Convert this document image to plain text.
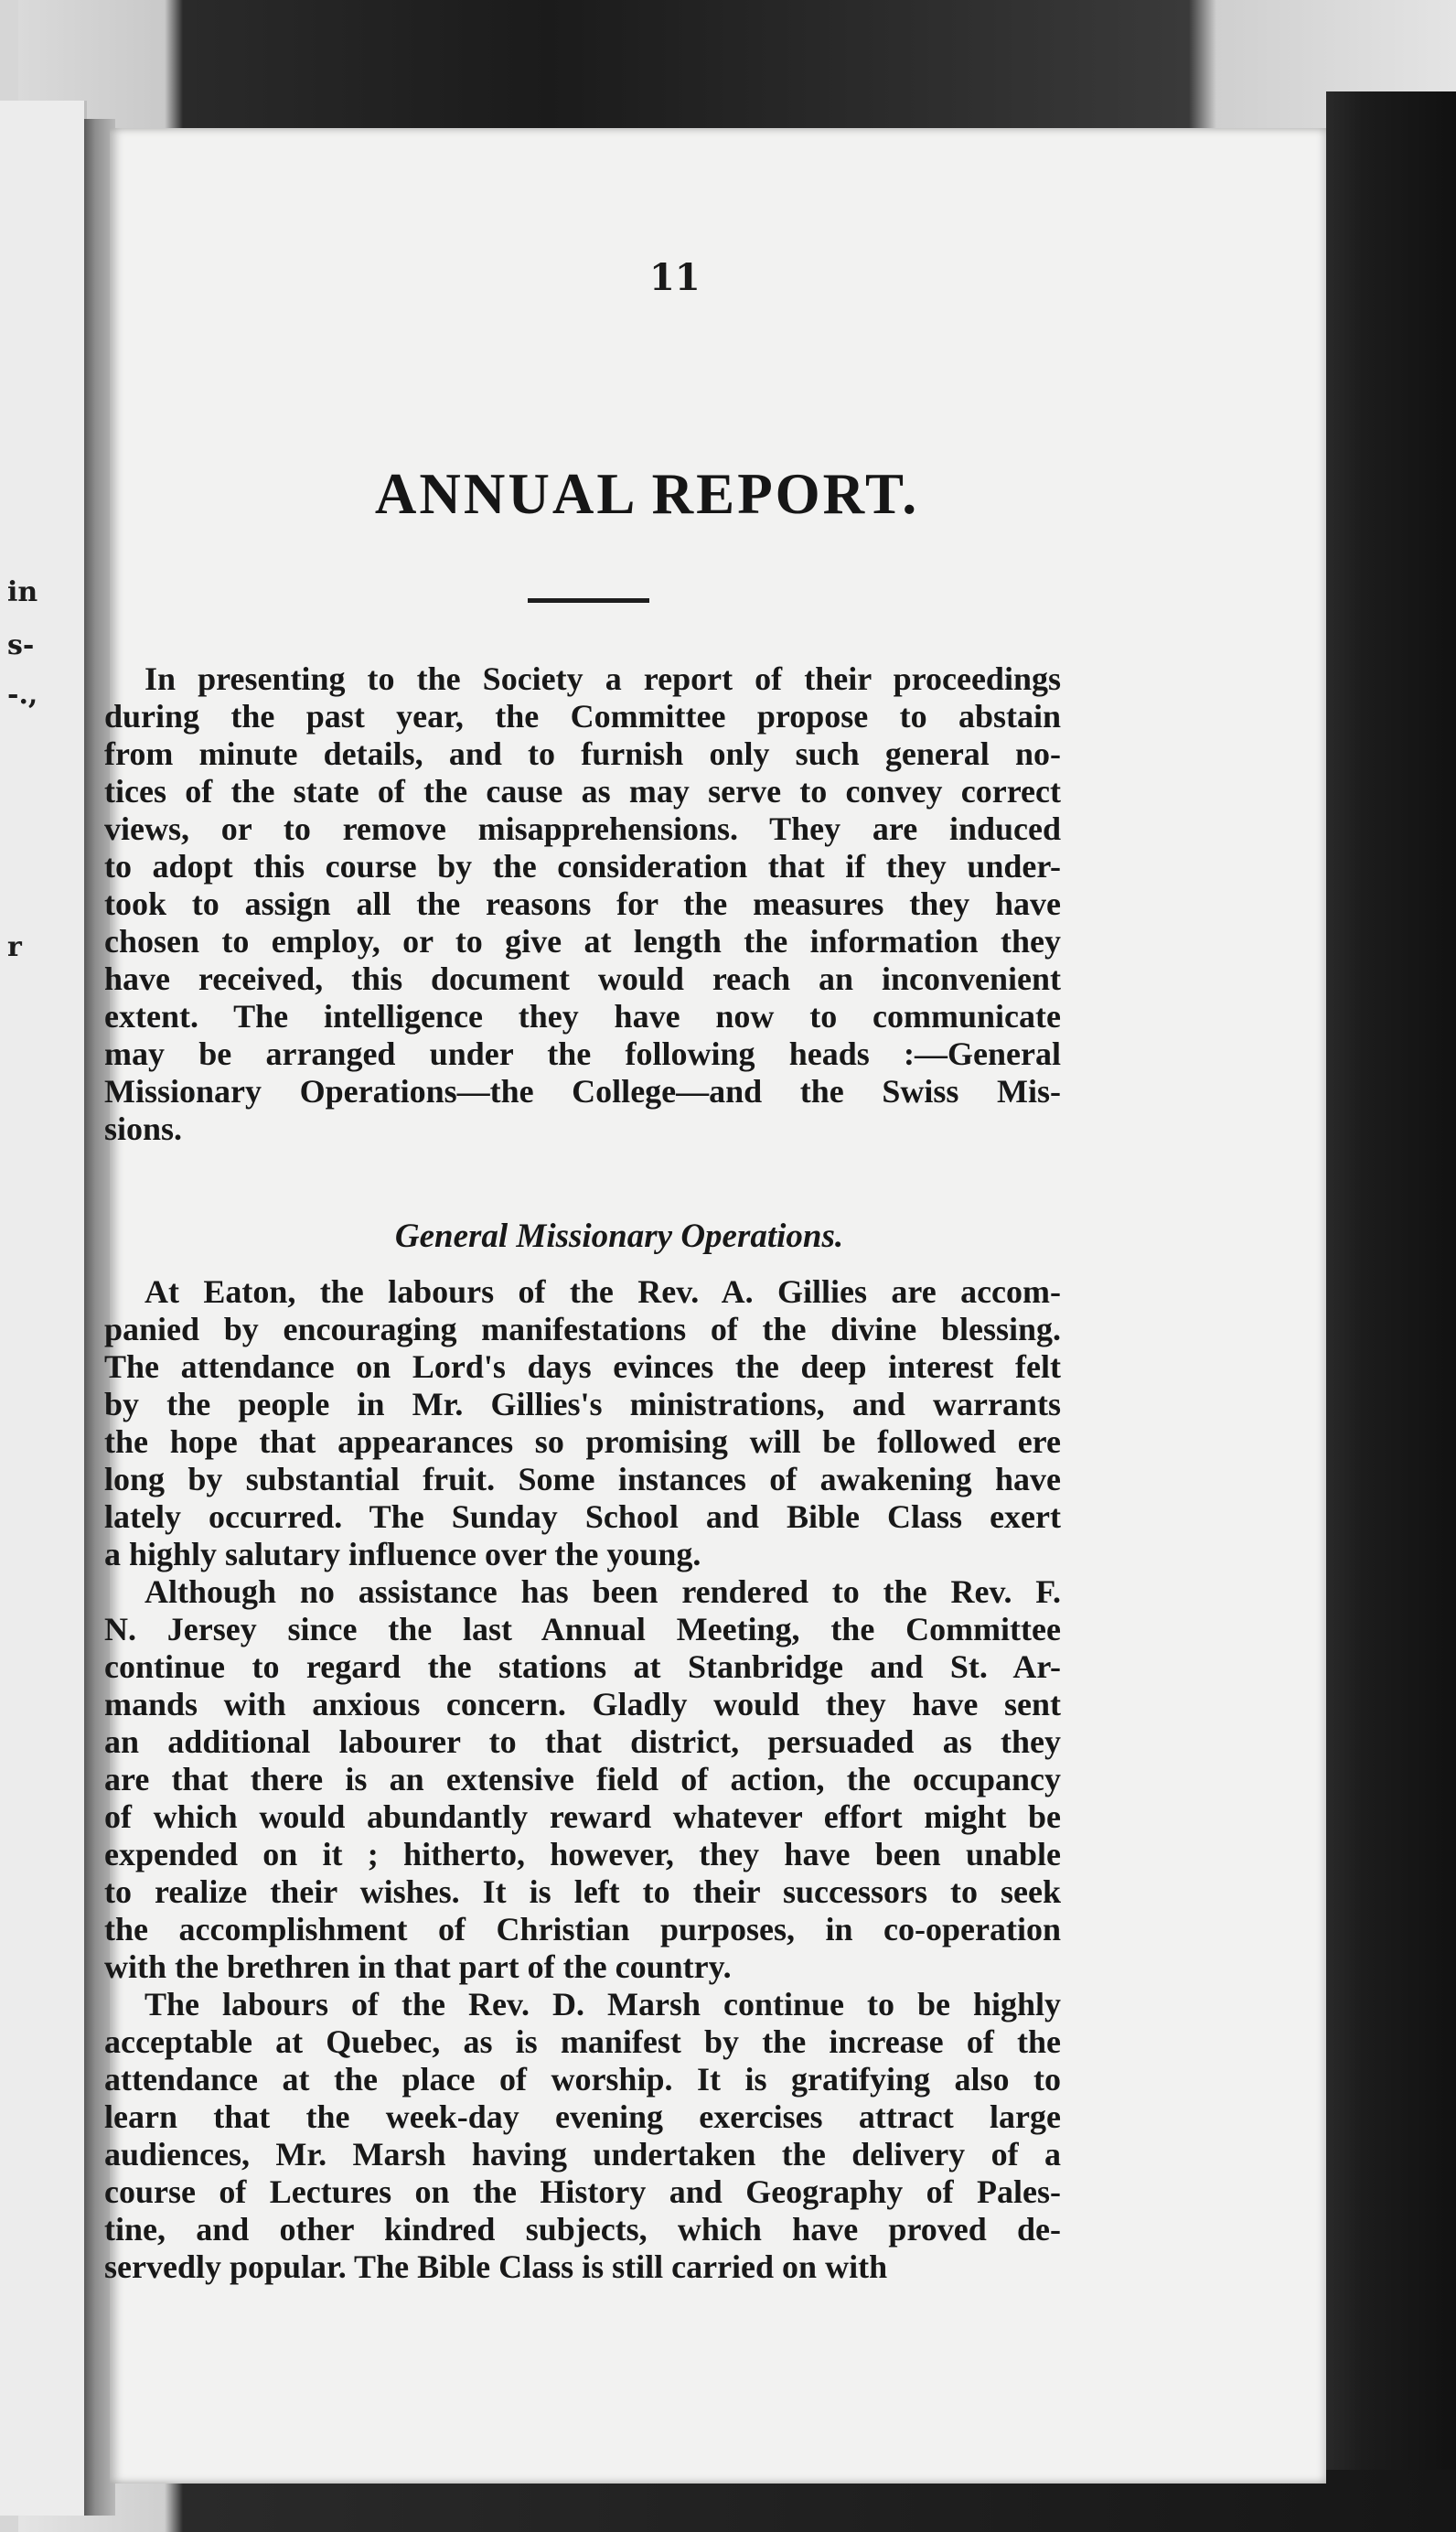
in
s-
-.,
r
11
ANNUAL REPORT.
In presenting to the Society a report of their proceedings
during the past year, the Committee propose to abstain
from minute details, and to furnish only such general no-
tices of the state of the cause as may serve to convey correct
views, or to remove misapprehensions. They are induced
to adopt this course by the consideration that if they under-
took to assign all the reasons for the measures they have
chosen to employ, or to give at length the information they
have received, this document would reach an inconvenient
extent. The intelligence they have now to communicate
may be arranged under the following heads :—General
Missionary Operations—the College—and the Swiss Mis-
sions.
General Missionary Operations.
At Eaton, the labours of the Rev. A. Gillies are accom-
panied by encouraging manifestations of the divine blessing.
The attendance on Lord's days evinces the deep interest felt
by the people in Mr. Gillies's ministrations, and warrants
the hope that appearances so promising will be followed ere
long by substantial fruit. Some instances of awakening have
lately occurred. The Sunday School and Bible Class exert
a highly salutary influence over the young.
Although no assistance has been rendered to the Rev. F.
N. Jersey since the last Annual Meeting, the Committee
continue to regard the stations at Stanbridge and St. Ar-
mands with anxious concern. Gladly would they have sent
an additional labourer to that district, persuaded as they
are that there is an extensive field of action, the occupancy
of which would abundantly reward whatever effort might be
expended on it ; hitherto, however, they have been unable
to realize their wishes. It is left to their successors to seek
the accomplishment of Christian purposes, in co-operation
with the brethren in that part of the country.
The labours of the Rev. D. Marsh continue to be highly
acceptable at Quebec, as is manifest by the increase of the
attendance at the place of worship. It is gratifying also to
learn that the week-day evening exercises attract large
audiences, Mr. Marsh having undertaken the delivery of a
course of Lectures on the History and Geography of Pales-
tine, and other kindred subjects, which have proved de-
servedly popular. The Bible Class is still carried on with
